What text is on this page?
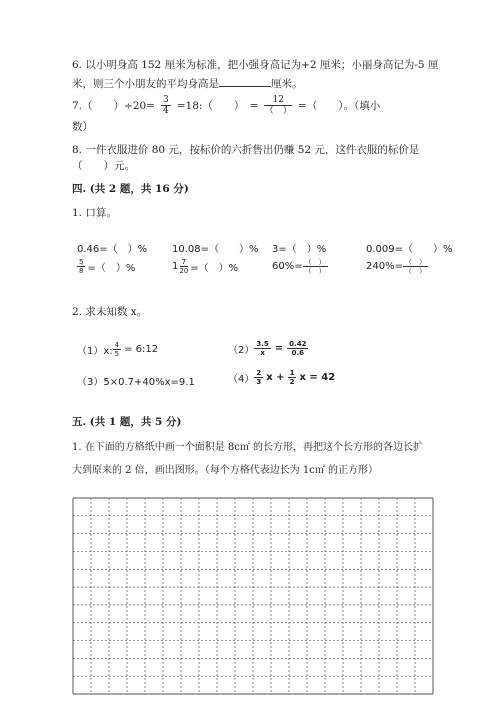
6. 以小明身高 152 厘米为标准，把小强身高记为+2 厘米；小丽身高记为-5 厘
米，则三个小朋友的平均身高是	厘米。
7.（　　）$\div 20= \frac{3}{4}$ =18:（　　）　= $\frac{12}{( )}$ =（　　）。（填小
数）
8. 一件衣服进价 80 元，按标价的六折售出仍赚 52 元，这件衣服的标价是
（　　）元。
四. (共 2 题，共 16 分)
1. 口算。
0.46=（　）% 10.08=（　　）% 3=（　）%	0.009=（　　）%
$\frac{5}{8}$ =（　）%	$1 \frac{7}{20}$ =（　）%	$60\%= \frac{( )}{( )}$	$240\%= \frac{( )}{( )}$
2. 求未知数 x。
（1）x: $\frac{4}{5}$ = 6:12	$(2) \frac{3.5}{x} = \frac{0.42}{0.6}$
（3）5×0.7+40%x=9.1	$(4) \frac{2}{3}$ $x + \frac{1}{2}$ x = 42
五. (共 1 题，共 5 分)
1. 在下面的方格纸中画一个面积是 8c㎡ 的长方形，再把这个长方形的各边长扩
大到原来的 2 倍，画出图形。（每个方格代表边长为 1c㎡ 的正方形）
